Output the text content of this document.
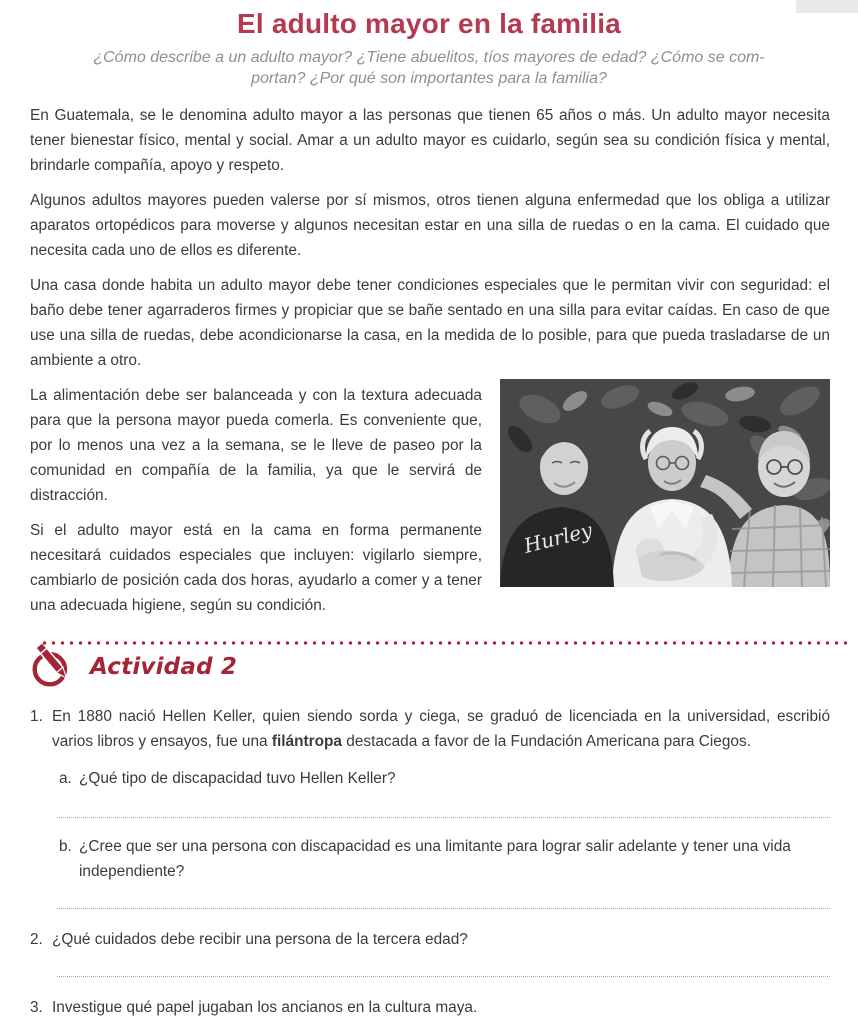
El adulto mayor en la familia
¿Cómo describe a un adulto mayor? ¿Tiene abuelitos, tíos mayores de edad? ¿Cómo se com-
portan? ¿Por qué son importantes para la familia?

En Guatemala, se le denomina adulto mayor a las personas que tienen 65 años o más. Un adulto mayor necesita tener bienestar físico, mental y social. Amar a un adulto mayor es cuidarlo, según sea su condición física y mental, brindarle compañía, apoyo y respeto.

Algunos adultos mayores pueden valerse por sí mismos, otros tienen alguna enfermedad que los obliga a utilizar aparatos ortopédicos para moverse y algunos necesitan estar en una silla de ruedas o en la cama. El cuidado que necesita cada uno de ellos es diferente.

Una casa donde habita un adulto mayor debe tener condiciones especiales que le permitan vivir con seguridad: el baño debe tener agarraderos firmes y propiciar que se bañe sentado en una silla para evitar caídas. En caso de que use una silla de ruedas, debe acondicionarse la casa, en la medida de lo posible, para que pueda trasladarse de un ambiente a otro.

Hurley

La alimentación debe ser balanceada y con la textura adecuada para que la persona mayor pueda comerla. Es conveniente que, por lo menos una vez a la semana, se le lleve de paseo por la comunidad en compañía de la familia, ya que le servirá de distracción.

Si el adulto mayor está en la cama en forma permanente necesitará cuidados especiales que incluyen: vigilarlo siempre, cambiarlo de posición cada dos horas, ayudarlo a comer y a tener una adecuada higiene, según su condición.

Actividad 2
1. En 1880 nació Hellen Keller, quien siendo sorda y ciega, se graduó de licenciada en la universidad, escribió varios libros y ensayos, fue una filántropa destacada a favor de la Fundación Americana para Ciegos.
a. ¿Qué tipo de discapacidad tuvo Hellen Keller?
b. ¿Cree que ser una persona con discapacidad es una limitante para lograr salir adelante y tener una vida independiente?
2. ¿Qué cuidados debe recibir una persona de la tercera edad?
3. Investigue qué papel jugaban los ancianos en la cultura maya.
